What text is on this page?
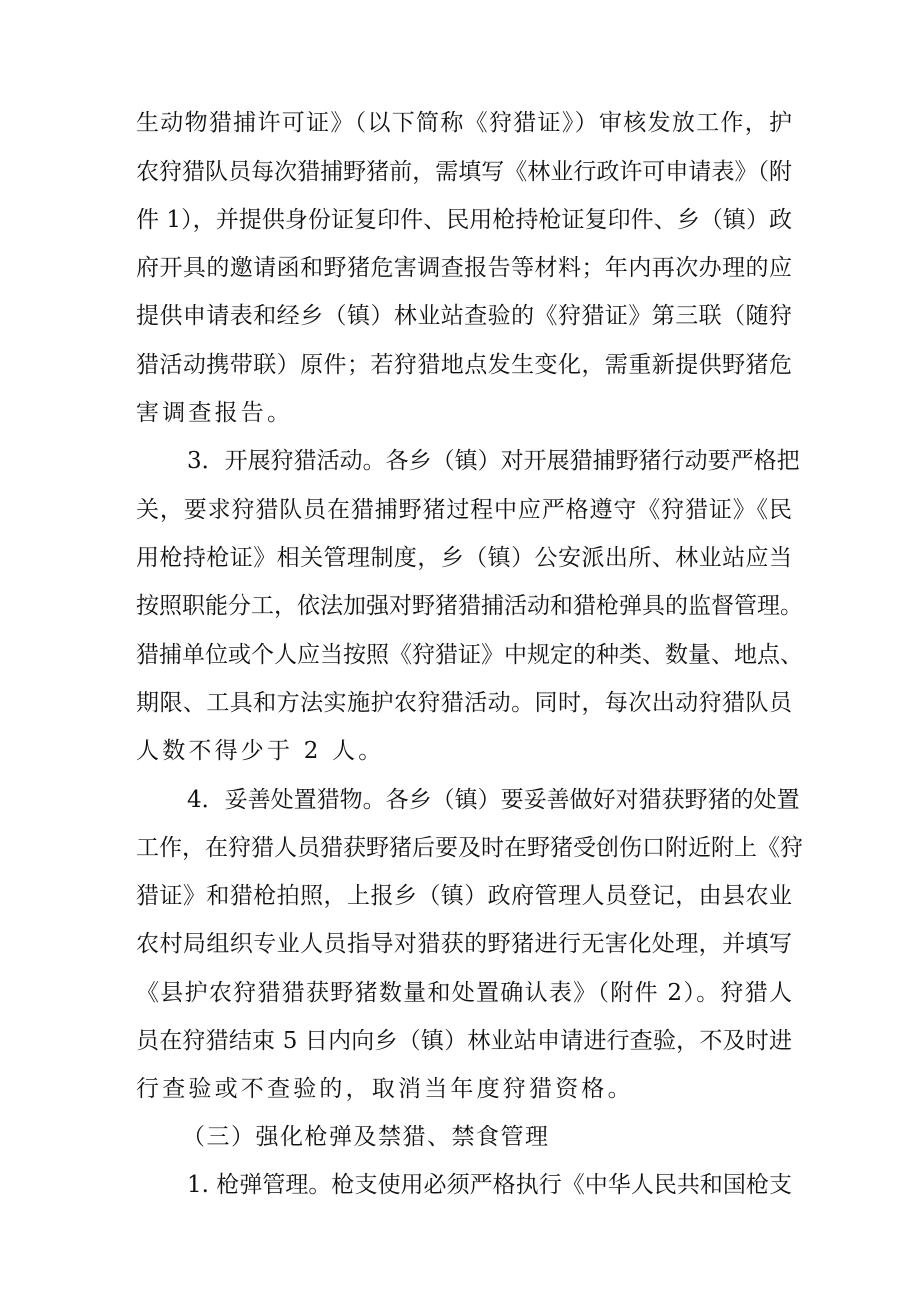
生动物猎捕许可证》（以下简称《狩猎证》）审核发放工作，护
农狩猎队员每次猎捕野猪前，需填写《林业行政许可申请表》（附
件 1），并提供身份证复印件、民用枪持枪证复印件、乡（镇）政
府开具的邀请函和野猪危害调查报告等材料；年内再次办理的应
提供申请表和经乡（镇）林业站查验的《狩猎证》第三联（随狩
猎活动携带联）原件；若狩猎地点发生变化，需重新提供野猪危
害调查报告。
3．开展狩猎活动。各乡（镇）对开展猎捕野猪行动要严格把
关，要求狩猎队员在猎捕野猪过程中应严格遵守《狩猎证》《民
用枪持枪证》相关管理制度，乡（镇）公安派出所、林业站应当
按照职能分工，依法加强对野猪猎捕活动和猎枪弹具的监督管理。
猎捕单位或个人应当按照《狩猎证》中规定的种类、数量、地点、
期限、工具和方法实施护农狩猎活动。同时，每次出动狩猎队员
人数不得少于 2 人。
4．妥善处置猎物。各乡（镇）要妥善做好对猎获野猪的处置
工作，在狩猎人员猎获野猪后要及时在野猪受创伤口附近附上《狩
猎证》和猎枪拍照，上报乡（镇）政府管理人员登记，由县农业
农村局组织专业人员指导对猎获的野猪进行无害化处理，并填写
《县护农狩猎猎获野猪数量和处置确认表》（附件 2）。狩猎人
员在狩猎结束 5 日内向乡（镇）林业站申请进行查验，不及时进
行查验或不查验的，取消当年度狩猎资格。
（三）强化枪弹及禁猎、禁食管理
1. 枪弹管理。枪支使用必须严格执行《中华人民共和国枪支
